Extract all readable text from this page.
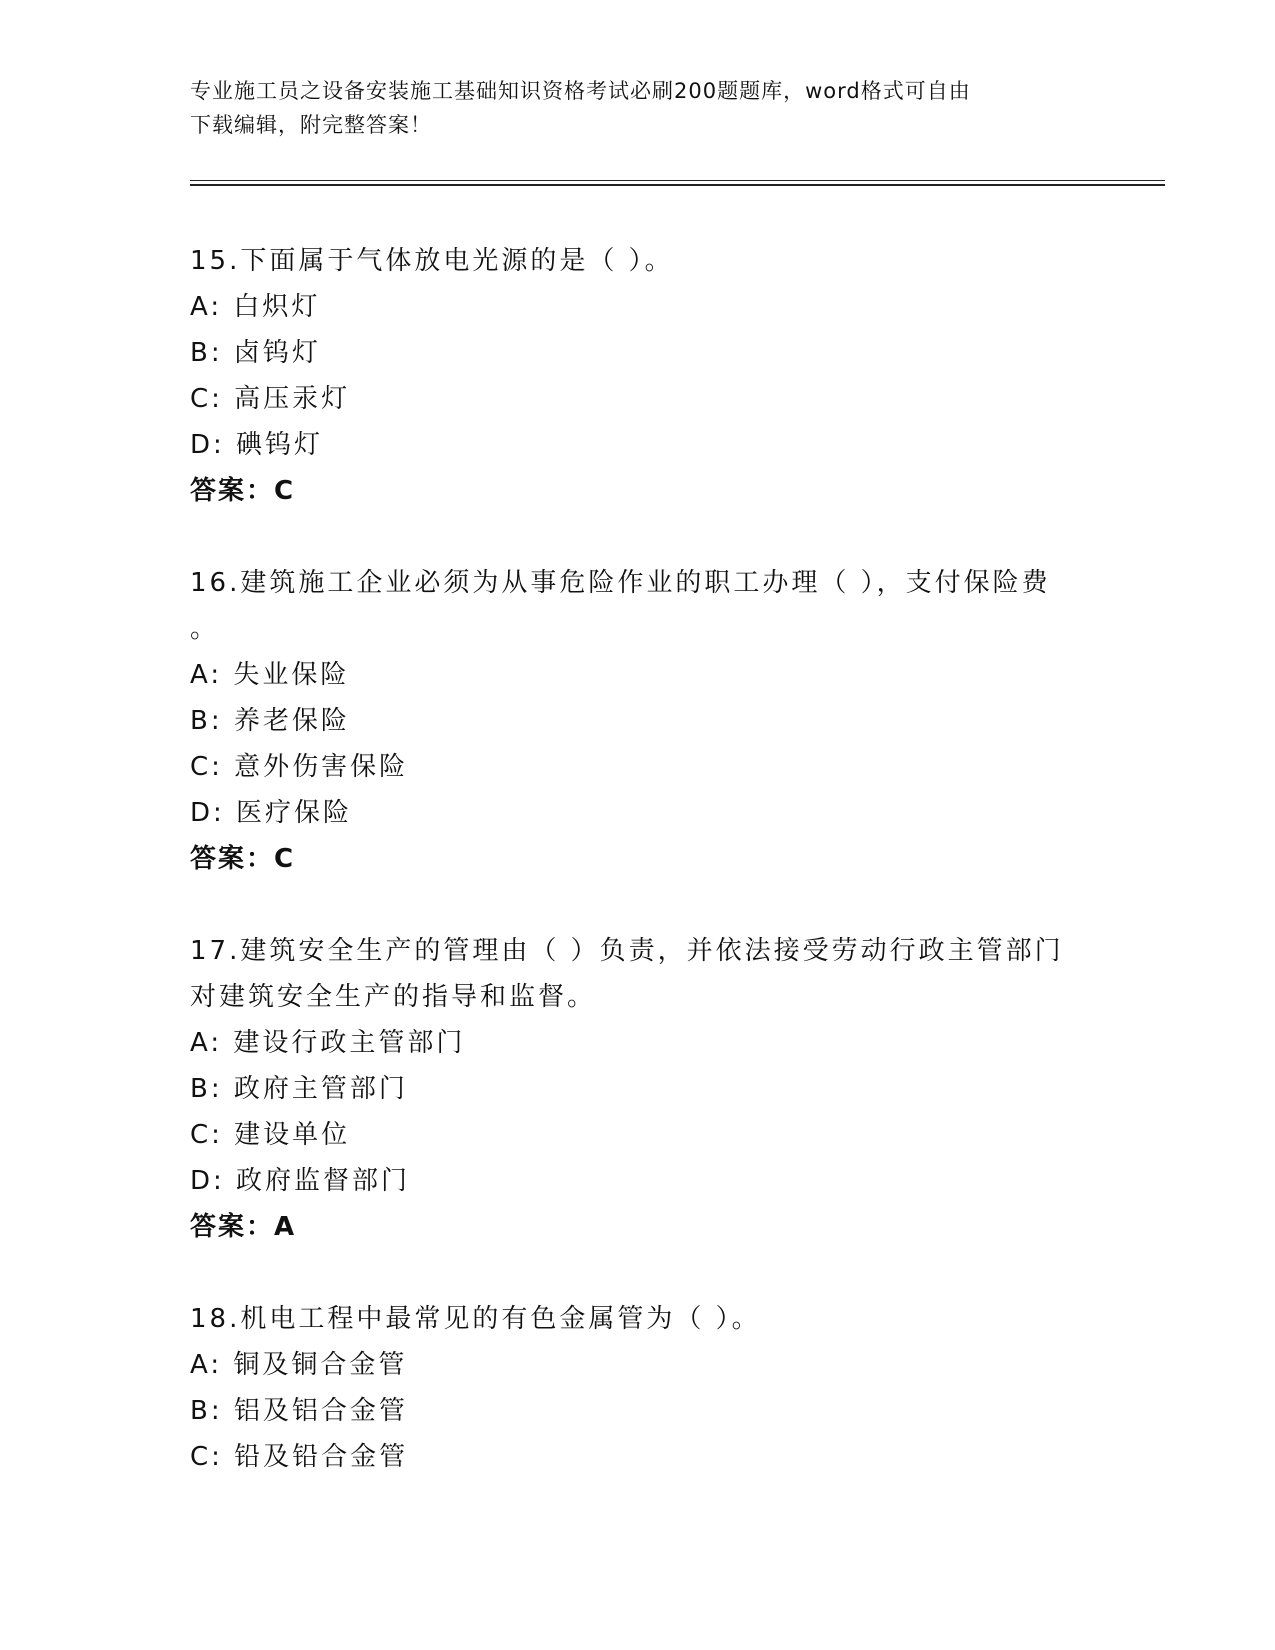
专业施工员之设备安装施工基础知识资格考试必刷200题题库，word格式可自由
下载编辑，附完整答案！
15.下面属于气体放电光源的是（ ）。
A: 白炽灯
B: 卤钨灯
C: 高压汞灯
D: 碘钨灯
答案：C
16.建筑施工企业必须为从事危险作业的职工办理（ ），支付保险费
。
A: 失业保险
B: 养老保险
C: 意外伤害保险
D: 医疗保险
答案：C
17.建筑安全生产的管理由（ ）负责，并依法接受劳动行政主管部门
对建筑安全生产的指导和监督。
A: 建设行政主管部门
B: 政府主管部门
C: 建设单位
D: 政府监督部门
答案：A
18.机电工程中最常见的有色金属管为（ ）。
A: 铜及铜合金管
B: 铝及铝合金管
C: 铅及铅合金管
